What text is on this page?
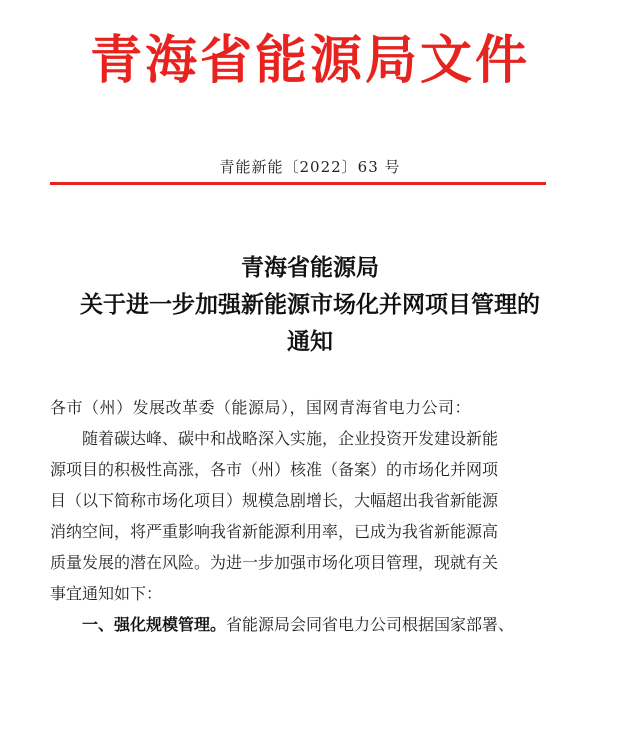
青海省能源局文件
青能新能〔2022〕63 号
青海省能源局
关于进一步加强新能源市场化并网项目管理的
通知
各市（州）发展改革委（能源局），国网青海省电力公司：
随着碳达峰、碳中和战略深入实施，企业投资开发建设新能
源项目的积极性高涨，各市（州）核准（备案）的市场化并网项
目（以下简称市场化项目）规模急剧增长，大幅超出我省新能源
消纳空间，将严重影响我省新能源利用率，已成为我省新能源高
质量发展的潜在风险。为进一步加强市场化项目管理，现就有关
事宜通知如下：
一、强化规模管理。省能源局会同省电力公司根据国家部署、
